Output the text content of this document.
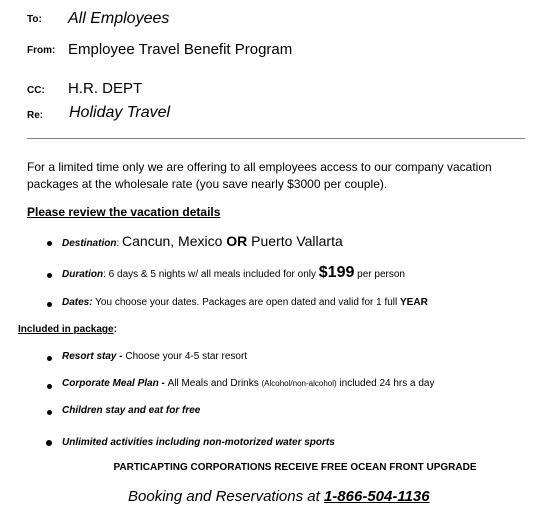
To: All Employees
From: Employee Travel Benefit Program
CC: H.R. DEPT
Re: Holiday Travel
For a limited time only we are offering to all employees access to our company vacation
packages at the wholesale rate (you save nearly $3000 per couple).
Please review the vacation details
Destination: Cancun, Mexico OR Puerto Vallarta
Duration: 6 days & 5 nights w/ all meals included for only $199 per person
Dates: You choose your dates. Packages are open dated and valid for 1 full YEAR
Included in package:
Resort stay - Choose your 4-5 star resort
Corporate Meal Plan - All Meals and Drinks (Alcohol/non-alcohol) included 24 hrs a day
Children stay and eat for free
Unlimited activities including non-motorized water sports
PARTICAPTING CORPORATIONS RECEIVE FREE OCEAN FRONT UPGRADE
Booking and Reservations at 1-866-504-1136
